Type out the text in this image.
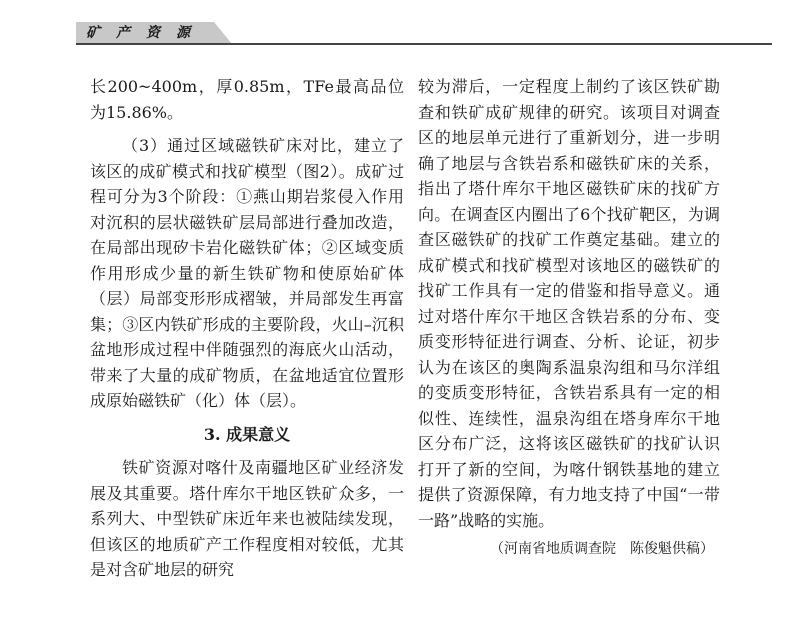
矿产资源

长200~400m，厚0.85m，TFe最高品位为15.86%。

（3）通过区域磁铁矿床对比，建立了该区的成矿模式和找矿模型（图2）。成矿过程可分为3个阶段：①燕山期岩浆侵入作用对沉积的层状磁铁矿层局部进行叠加改造，在局部出现矽卡岩化磁铁矿体；②区域变质作用形成少量的新生铁矿物和使原始矿体（层）局部变形形成褶皱，并局部发生再富集；③区内铁矿形成的主要阶段，火山–沉积盆地形成过程中伴随强烈的海底火山活动，带来了大量的成矿物质，在盆地适宜位置形成原始磁铁矿（化）体（层）。

3. 成果意义

铁矿资源对喀什及南疆地区矿业经济发展及其重要。塔什库尔干地区铁矿众多，一系列大、中型铁矿床近年来也被陆续发现，但该区的地质矿产工作程度相对较低，尤其是对含矿地层的研究

较为滞后，一定程度上制约了该区铁矿勘查和铁矿成矿规律的研究。该项目对调查区的地层单元进行了重新划分，进一步明确了地层与含铁岩系和磁铁矿床的关系，指出了塔什库尔干地区磁铁矿床的找矿方向。在调查区内圈出了6个找矿靶区，为调查区磁铁矿的找矿工作奠定基础。建立的成矿模式和找矿模型对该地区的磁铁矿的找矿工作具有一定的借鉴和指导意义。通过对塔什库尔干地区含铁岩系的分布、变质变形特征进行调查、分析、论证，初步认为在该区的奥陶系温泉沟组和马尔洋组的变质变形特征，含铁岩系具有一定的相似性、连续性，温泉沟组在塔身库尔干地区分布广泛，这将该区磁铁矿的找矿认识打开了新的空间，为喀什钢铁基地的建立提供了资源保障，有力地支持了中国“一带一路”战略的实施。

（河南省地质调查院　陈俊魁供稿）
